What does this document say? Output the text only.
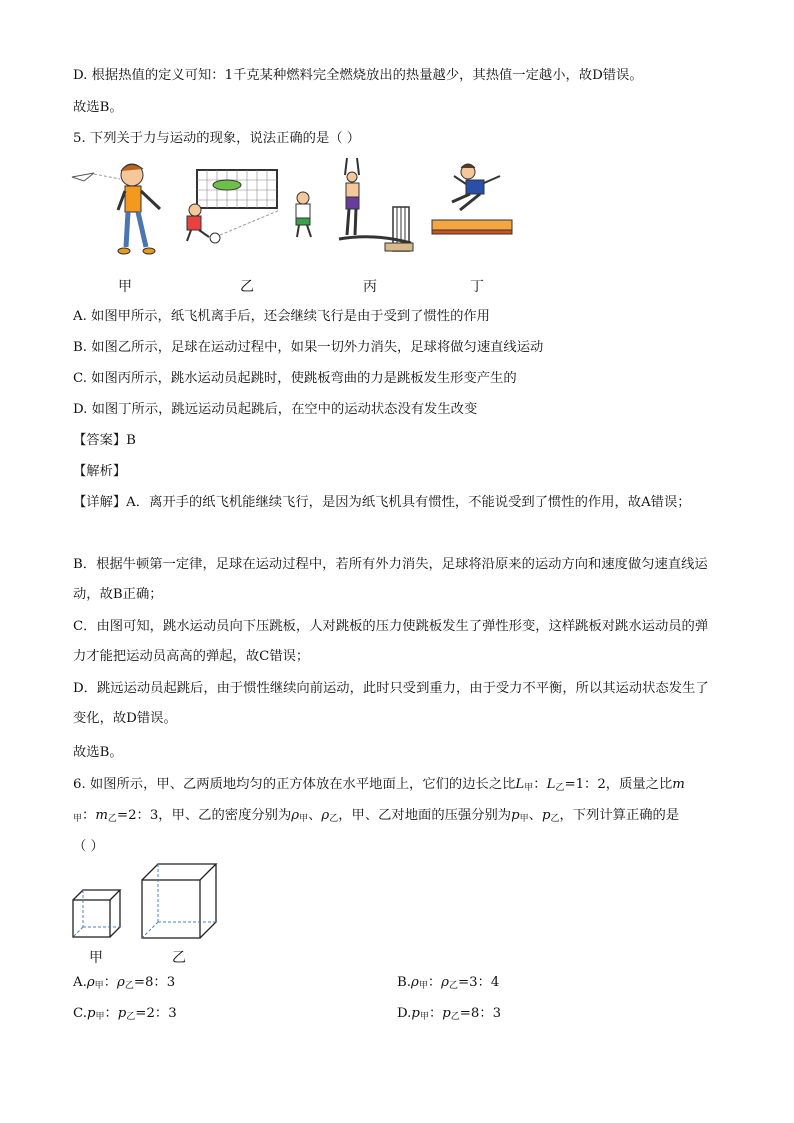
D. 根据热值的定义可知：1千克某种燃料完全燃烧放出的热量越少，其热值一定越小，故D错误。
故选B。
5. 下列关于力与运动的现象，说法正确的是（ ）
甲	乙	丙	丁
A. 如图甲所示，纸飞机离手后，还会继续飞行是由于受到了惯性的作用
B. 如图乙所示，足球在运动过程中，如果一切外力消失，足球将做匀速直线运动
C. 如图丙所示，跳水运动员起跳时，使跳板弯曲的力是跳板发生形变产生的
D. 如图丁所示，跳远运动员起跳后，在空中的运动状态没有发生改变
【答案】B
【解析】
【详解】A．离开手的纸飞机能继续飞行，是因为纸飞机具有惯性，不能说受到了惯性的作用，故A错误；
B．根据牛顿第一定律，足球在运动过程中，若所有外力消失，足球将沿原来的运动方向和速度做匀速直线运动，故B正确；
C．由图可知，跳水运动员向下压跳板，人对跳板的压力使跳板发生了弹性形变，这样跳板对跳水运动员的弹力才能把运动员高高的弹起，故C错误；
D．跳远运动员起跳后，由于惯性继续向前运动，此时只受到重力，由于受力不平衡，所以其运动状态发生了变化，故D错误。
故选B。
6. 如图所示，甲、乙两质地均匀的正方体放在水平地面上，它们的边长之比$L_甲$：$L_乙=1$：2，质量之比m
$_甲$：$m_乙=2$：3，甲、乙的密度分别为$\rho_甲$、$\rho_乙$，甲、乙对地面的压强分别为$p_甲$、$p_乙$，下列计算正确的是
（ ）
甲	乙
$A.\rho_甲$：$\rho_乙=8$：3	$B.\rho_甲$：$\rho_乙=3$：4
$C.p_甲$：$p_乙=2$：3	$D.p_甲$：$p_乙=8$：3
